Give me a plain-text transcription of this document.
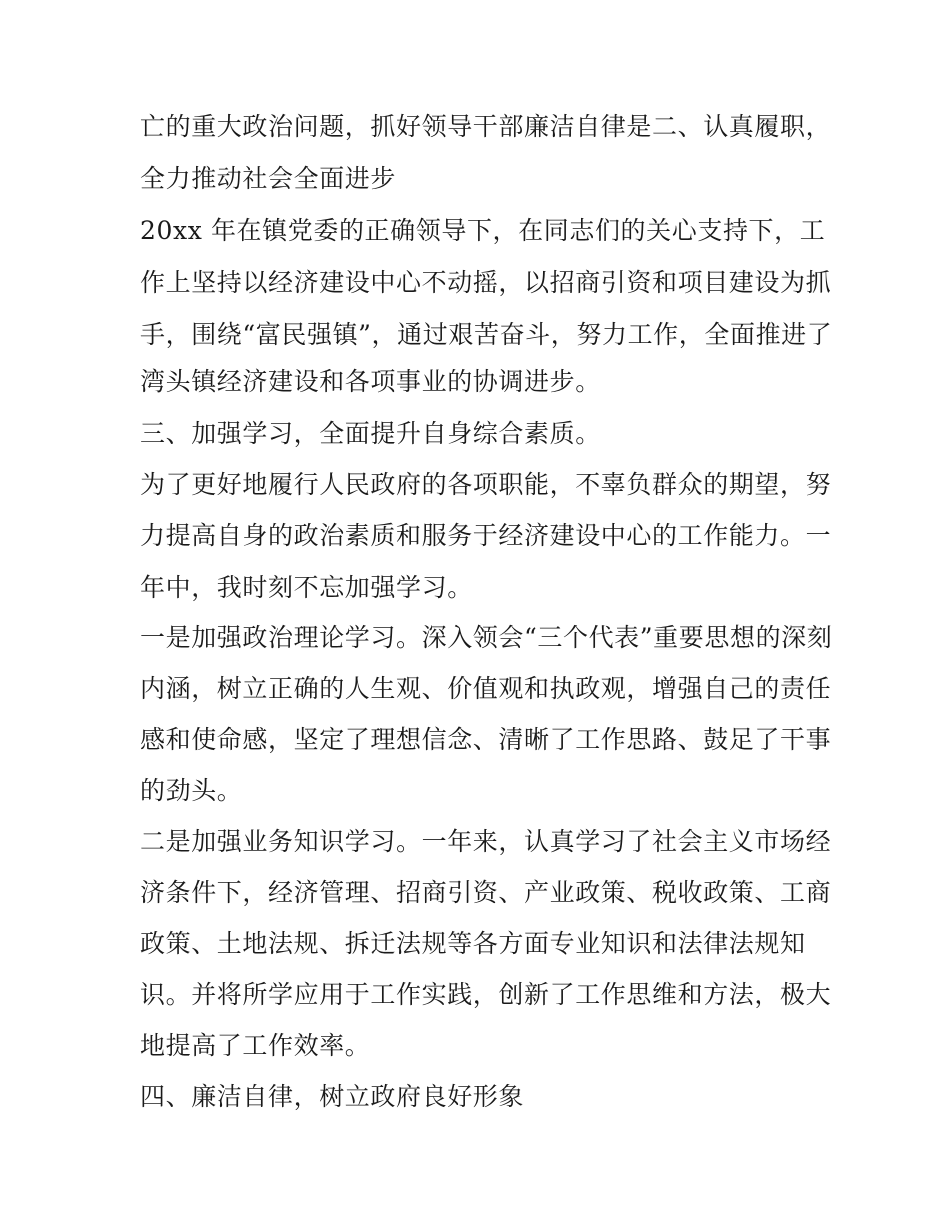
亡的重大政治问题，抓好领导干部廉洁自律是二、认真履职，

全力推动社会全面进步

20xx 年在镇党委的正确领导下，在同志们的关心支持下，工

作上坚持以经济建设中心不动摇，以招商引资和项目建设为抓

手，围绕“富民强镇”，通过艰苦奋斗，努力工作，全面推进了

湾头镇经济建设和各项事业的协调进步。

三、加强学习，全面提升自身综合素质。

为了更好地履行人民政府的各项职能，不辜负群众的期望，努

力提高自身的政治素质和服务于经济建设中心的工作能力。一

年中，我时刻不忘加强学习。

一是加强政治理论学习。深入领会“三个代表”重要思想的深刻

内涵，树立正确的人生观、价值观和执政观，增强自己的责任

感和使命感，坚定了理想信念、清晰了工作思路、鼓足了干事

的劲头。

二是加强业务知识学习。一年来，认真学习了社会主义市场经

济条件下，经济管理、招商引资、产业政策、税收政策、工商

政策、土地法规、拆迁法规等各方面专业知识和法律法规知

识。并将所学应用于工作实践，创新了工作思维和方法，极大

地提高了工作效率。

四、廉洁自律，树立政府良好形象
